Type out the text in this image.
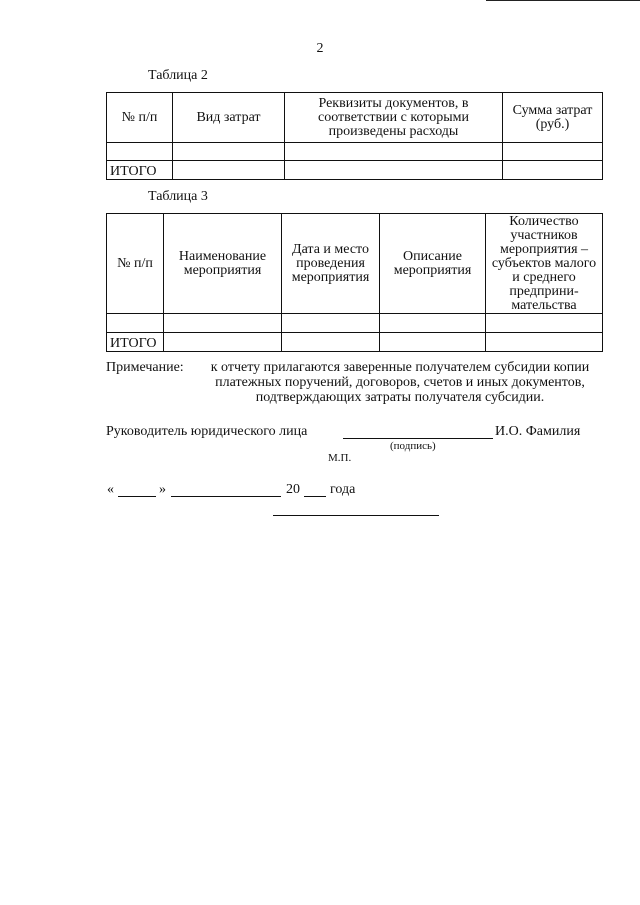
2
Таблица 2
№ п/п	Вид затрат	Реквизиты документов, в соответствии с которыми произведены расходы	Сумма затрат (руб.)

ИТОГО			
Таблица 3
№ п/п	Наименование мероприятия	Дата и место проведения мероприятия	Описание мероприятия	Количество участников мероприятия – субъектов малого и среднего предприни-мательства

ИТОГО				
Примечание:	к отчету прилагаются заверенные получателем субсидии копии платежных поручений, договоров, счетов и иных документов, подтверждающих затраты получателя субсидии.
Руководитель юридического лица	И.О. Фамилия
(подпись)
М.П.
«	»	20 года
